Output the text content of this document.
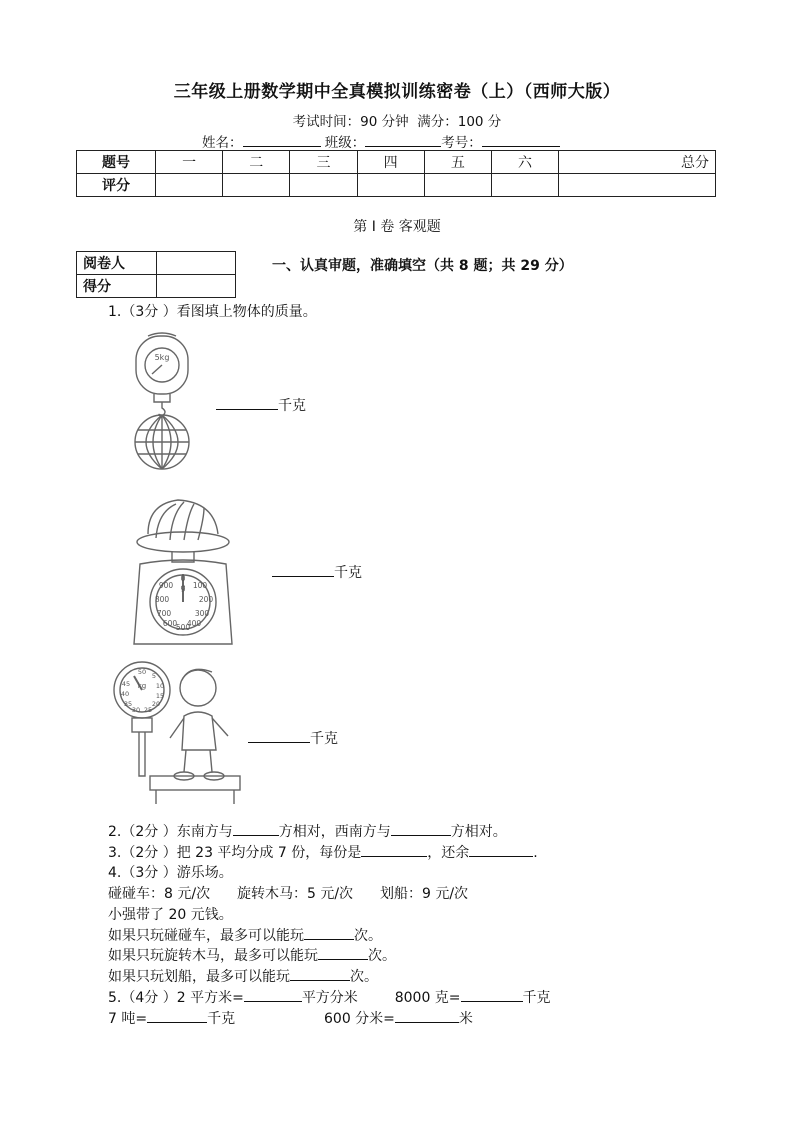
三年级上册数学期中全真模拟训练密卷（上）（西师大版）
考试时间：90 分钟 满分：100 分
姓名：	班级：	考号：
题号	一	二	三	四	五	六	总分
评分							
第 I 卷 客观题
阅卷人	
得分	
一、认真审题，准确填空（共 8 题；共 29 分）
1.（3分 ）看图填上物体的质量。
5kg
千克
0
100
200
300
400
500
600
700
800
900 g
千克
50 5
10
45
15
40
20
35
30 25
kg
千克
2.（2分 ）东南方与	方相对，西南方与	方相对。
3.（2分 ）把 23 平均分成 7 份，每份是	，还余	.
4.（3分 ）游乐场。
碰碰车：8 元/次 旋转木马：5 元/次 划船：9 元/次
小强带了 20 元钱。
如果只玩碰碰车，最多可以能玩	次。
如果只玩旋转木马，最多可以能玩	次。
如果只玩划船，最多可以能玩	次。
5.（4分 ）2 平方米=	平方分米	8000 克=	千克
7 吨=	千克	600 分米=	米
